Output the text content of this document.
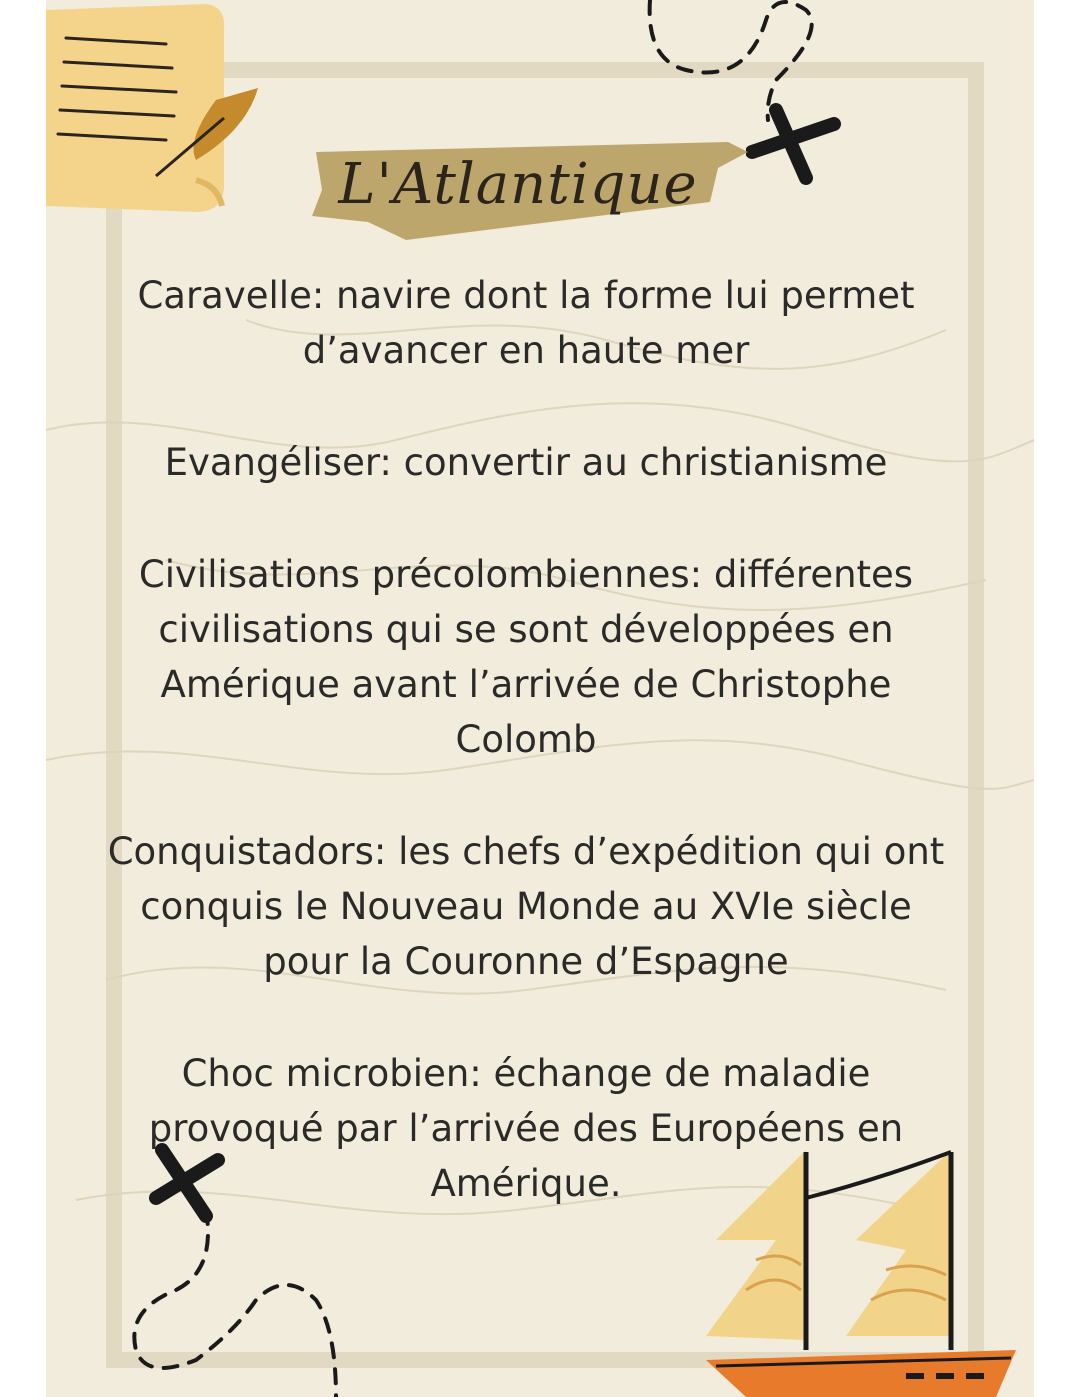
L'Atlantique
Caravelle: navire dont la forme lui permet
d’avancer en haute mer
Evangéliser: convertir au christianisme
Civilisations précolombiennes: différentes
civilisations qui se sont développées en
Amérique avant l’arrivée de Christophe
Colomb
Conquistadors: les chefs d’expédition qui ont
conquis le Nouveau Monde au XVIe siècle
pour la Couronne d’Espagne
Choc microbien: échange de maladie
provoqué par l’arrivée des Européens en
Amérique.
